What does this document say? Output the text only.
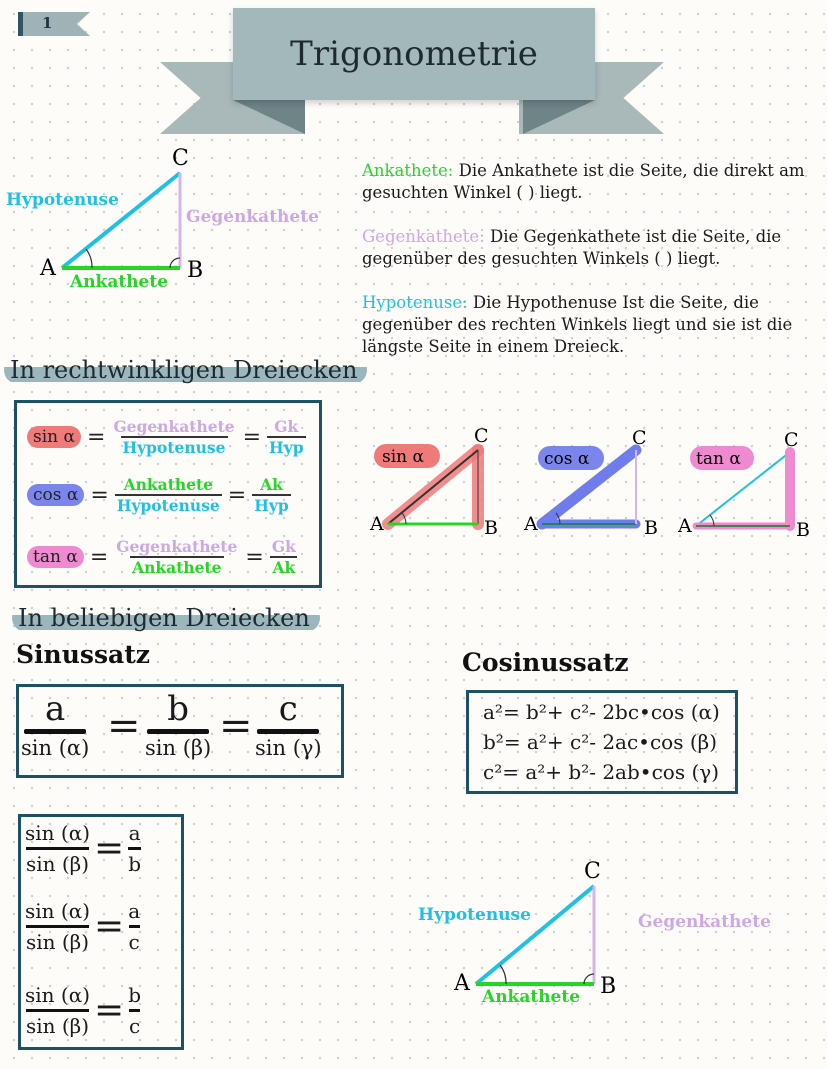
1
Trigonometrie
A	B
C
Hypotenuse
Gegenkathete
Ankathete

Ankathete: Die Ankathete ist die Seite, die direkt am gesuchten Winkel ( ) liegt.

Gegenkathete: Die Gegenkathete ist die Seite, die gegenüber des gesuchten Winkels ( ) liegt.

Hypotenuse: Die Hypothenuse Ist die Seite, die gegenüber des rechten Winkels liegt und sie ist die längste Seite in einem Dreieck.

In rechtwinkligen Dreiecken
$\sin \alpha = \frac{\text{Gegenkathete}}{\text{Hypotenuse}} = \frac{Gk}{\text{Hyp}}$
$\cos \alpha = \frac{\text{Ankathete}}{\text{Hypotenuse}} = \frac{Ak}{\text{Hyp}}$
$\tan \alpha = \frac{\text{Gegenkathete}}{\text{Ankathete}} = \frac{Gk}{Ak}$
sin α
A	B
C
cos α
A	B
C
tan α
A	B
C
In beliebigen Dreiecken
Sinussatz	Cosinussatz
a
sin (α) = b
sin (β) = c
sin (γ)
a²= b²+ c²- 2bc•cos (α)
b²= a²+ c²- 2ac•cos (β)
c²= a²+ b²- 2ab•cos (γ)
$\frac{\sin (\alpha)}{\sin (\beta)} = \frac{a}{b}$
$\frac{\sin (\alpha)}{\sin (\beta)} = \frac{a}{c}$
$\frac{\sin (\alpha)}{\sin (\beta)} = \frac{b}{c}$	A	B
C
Hypotenuse	Gegenkathete
Ankathete
